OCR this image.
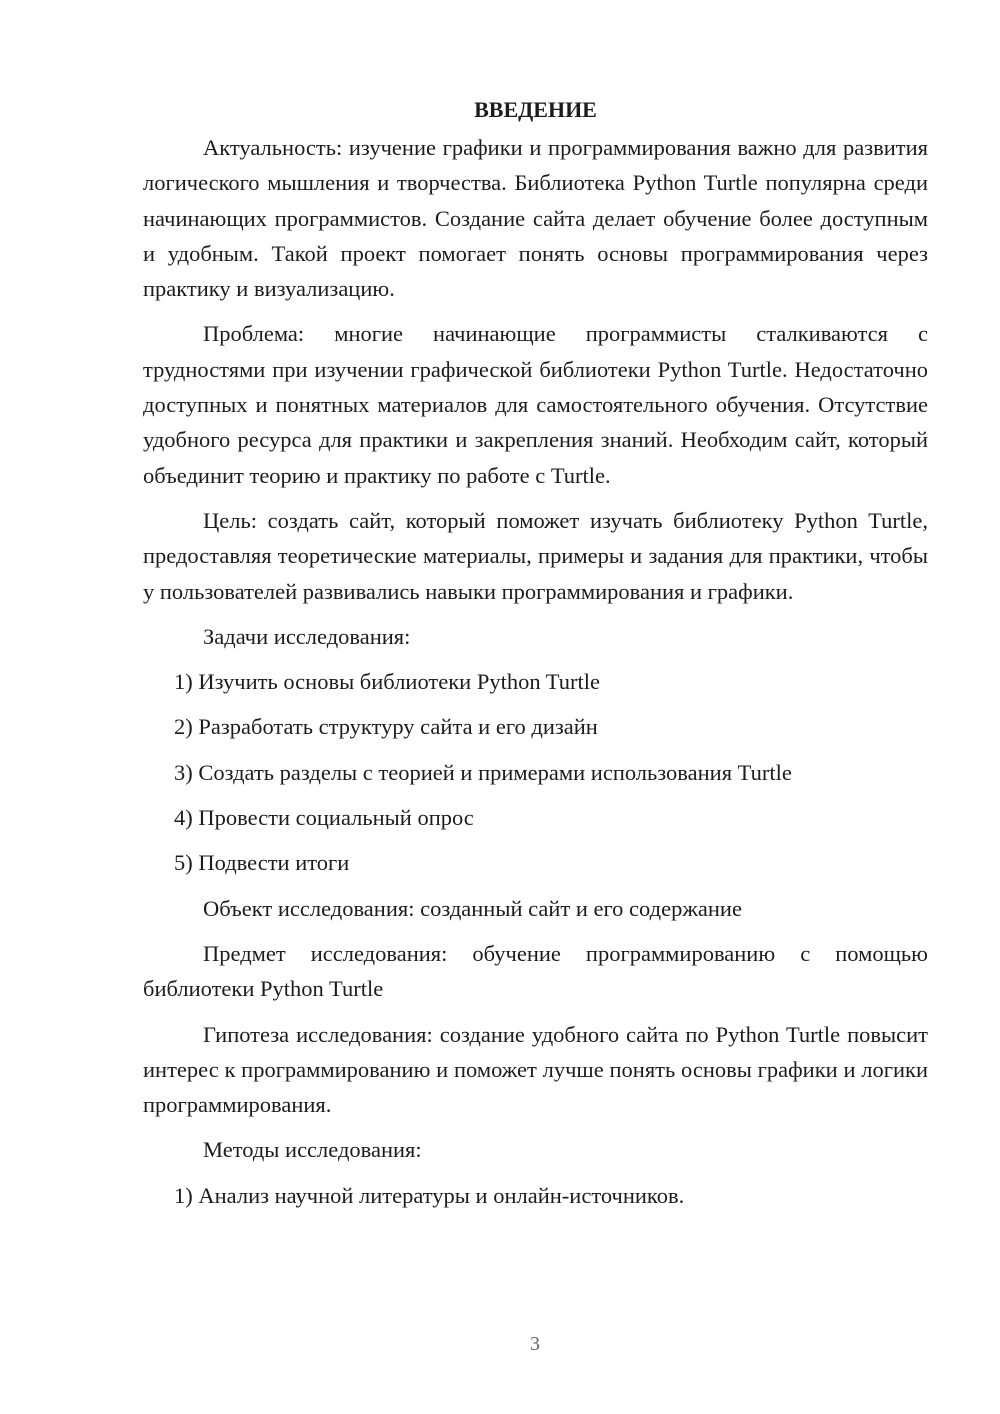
ВВЕДЕНИЕ

Актуальность: изучение графики и программирования важно для развития логического мышления и творчества. Библиотека Python Turtle популярна среди начинающих программистов. Создание сайта делает обучение более доступным и удобным. Такой проект помогает понять основы программирования через практику и визуализацию.

Проблема: многие начинающие программисты сталкиваются с трудностями при изучении графической библиотеки Python Turtle. Недостаточно доступных и понятных материалов для самостоятельного обучения. Отсутствие удобного ресурса для практики и закрепления знаний. Необходим сайт, который объединит теорию и практику по работе с Turtle.

Цель: создать сайт, который поможет изучать библиотеку Python Turtle, предоставляя теоретические материалы, примеры и задания для практики, чтобы у пользователей развивались навыки программирования и графики.

Задачи исследования:

1) Изучить основы библиотеки Python Turtle

2) Разработать структуру сайта и его дизайн

3) Создать разделы с теорией и примерами использования Turtle

4) Провести социальный опрос

5) Подвести итоги

Объект исследования: созданный сайт и его содержание

Предмет исследования: обучение программированию с помощью библиотеки Python Turtle

Гипотеза исследования: создание удобного сайта по Python Turtle повысит интерес к программированию и поможет лучше понять основы графики и логики программирования.

Методы исследования:

1) Анализ научной литературы и онлайн-источников.

3
